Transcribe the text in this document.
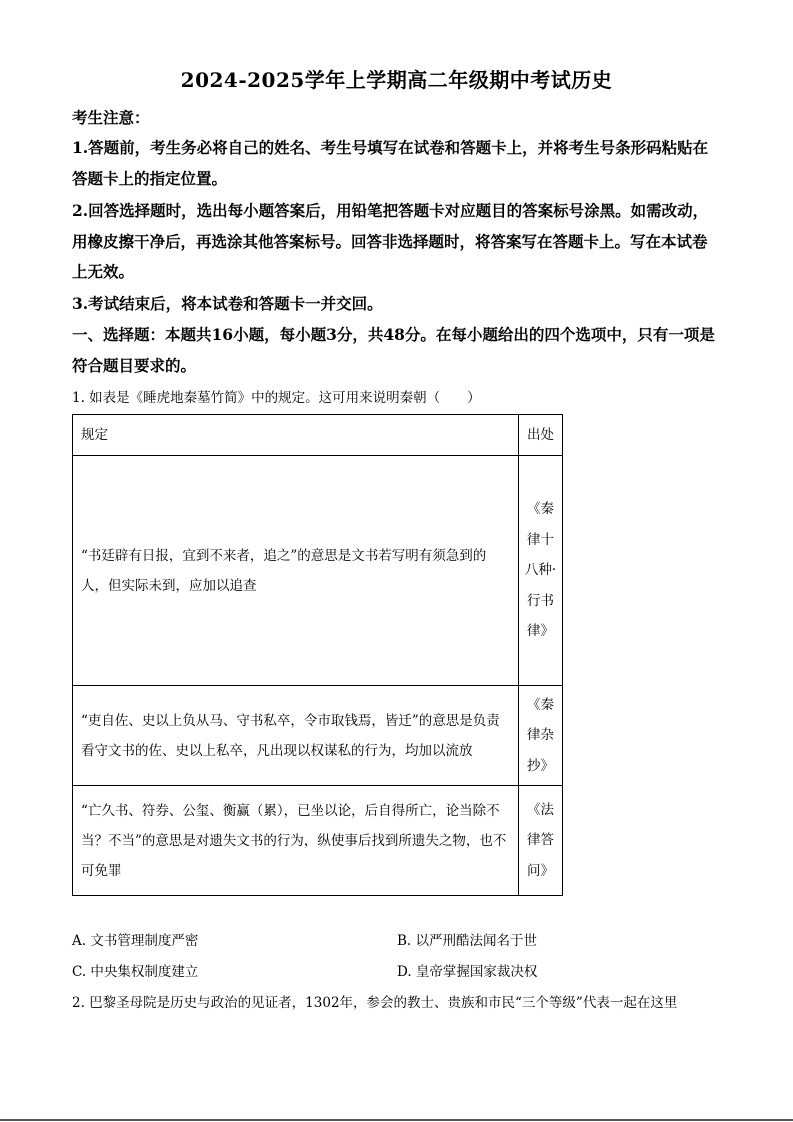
2024-2025学年上学期高二年级期中考试历史
考生注意：
1.答题前，考生务必将自己的姓名、考生号填写在试卷和答题卡上，并将考生号条形码粘贴在答题卡上的指定位置。
2.回答选择题时，选出每小题答案后，用铅笔把答题卡对应题目的答案标号涂黑。如需改动，用橡皮擦干净后，再选涂其他答案标号。回答非选择题时，将答案写在答题卡上。写在本试卷上无效。
3.考试结束后，将本试卷和答题卡一并交回。
一、选择题：本题共16小题，每小题3分，共48分。在每小题给出的四个选项中，只有一项是符合题目要求的。
1. 如表是《睡虎地秦墓竹简》中的规定。这可用来说明秦朝（　　）
规定	出处
“书廷辟有日报，宜到不来者，追之”的意思是文书若写明有须急到的人，但实际未到，应加以追查	《秦律十八种·行书律》
“吏自佐、史以上负从马、守书私卒，令市取钱焉，皆迁”的意思是负责看守文书的佐、史以上私卒，凡出现以权谋私的行为，均加以流放	《秦律杂抄》
“亡久书、符券、公玺、衡赢（累），已坐以论，后自得所亡，论当除不当？不当”的意思是对遗失文书的行为，纵使事后找到所遗失之物，也不可免罪	《法律答问》
A. 文书管理制度严密	B. 以严刑酷法闻名于世
C. 中央集权制度建立	D. 皇帝掌握国家裁决权
2. 巴黎圣母院是历史与政治的见证者，1302年，参会的教士、贵族和市民“三个等级”代表一起在这里
